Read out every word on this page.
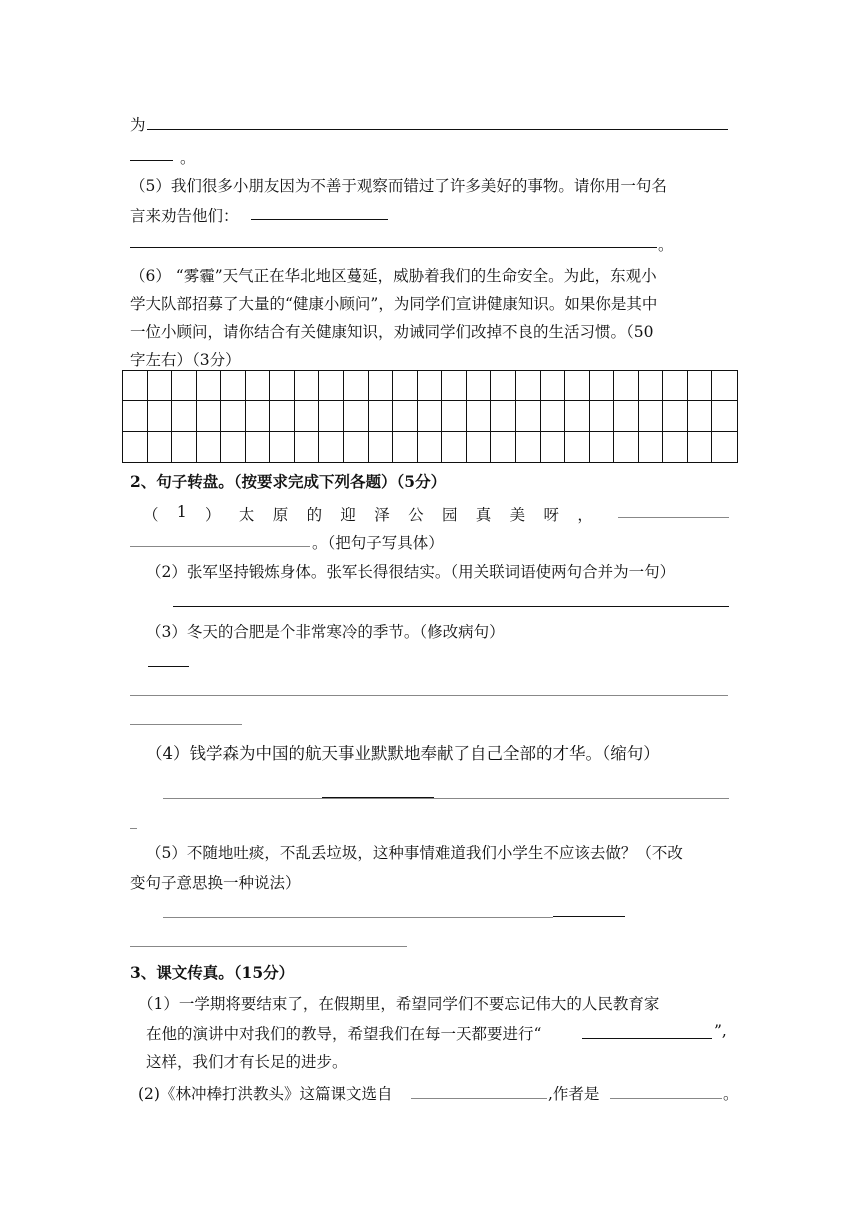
为
。
（5）我们很多小朋友因为不善于观察而错过了许多美好的事物。请你用一句名
言来劝告他们：
。
（6） “雾霾”天气正在华北地区蔓延，威胁着我们的生命安全。为此，东观小
学大队部招募了大量的“健康小顾问”，为同学们宣讲健康知识。如果你是其中
一位小顾问，请你结合有关健康知识，劝诫同学们改掉不良的生活习惯。（50
字左右）（3分）
2、句子转盘。（按要求完成下列各题）（5分）
（ 1 ） 太 原 的 迎 泽 公 园 真 美 呀 ，
。（把句子写具体）
（2）张军坚持锻炼身体。张军长得很结实。（用关联词语使两句合并为一句）
（3）冬天的合肥是个非常寒冷的季节。（修改病句）
（4）钱学森为中国的航天事业默默地奉献了自己全部的才华。（缩句）
（5）不随地吐痰，不乱丢垃圾，这种事情难道我们小学生不应该去做？（不改
变句子意思换一种说法）
3、课文传真。（15分）
（1）一学期将要结束了，在假期里，希望同学们不要忘记伟大的人民教育家
在他的演讲中对我们的教导，希望我们在每一天都要进行“	”,
这样，我们才有长足的进步。
(2)《林冲棒打洪教头》这篇课文选自	,作者是	。
